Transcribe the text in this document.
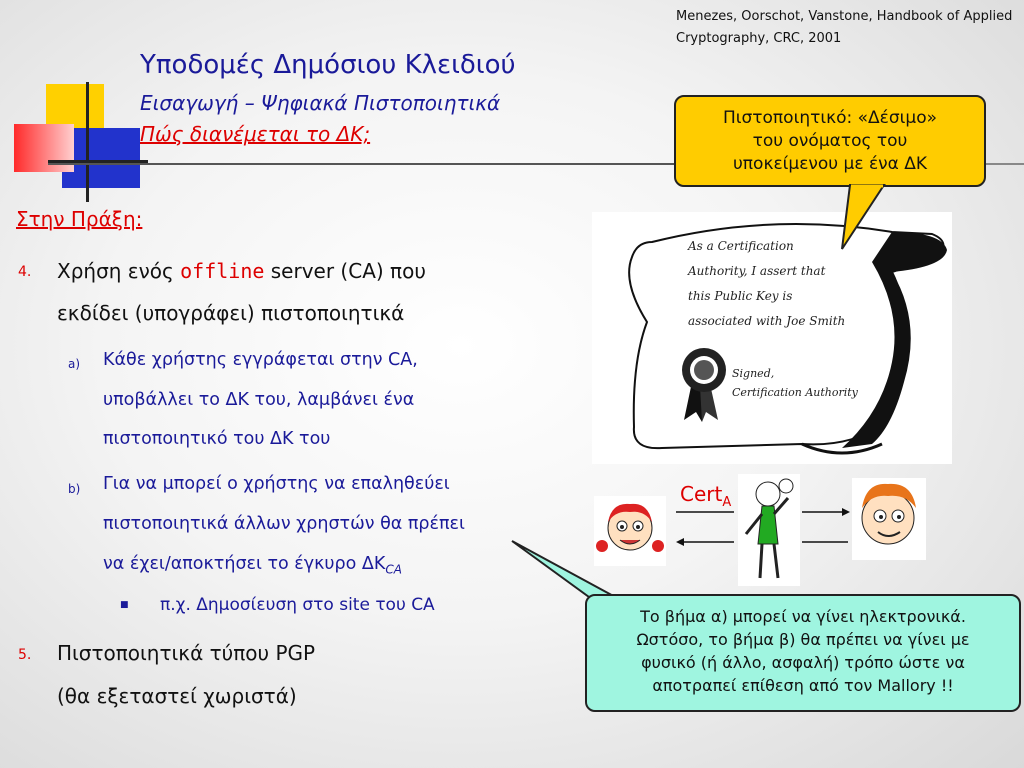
Menezes, Oorschot, Vanstone, Handbook of Applied Cryptography, CRC, 2001
Υποδομές Δημόσιου Κλειδιού
Εισαγωγή – Ψηφιακά Πιστοποιητικά
Πώς διανέμεται το ΔΚ;
Στην Πράξη:
4. Χρήση ενός offline server (CA) που
εκδίδει (υπογράφει) πιστοποιητικά
a) Κάθε χρήστης εγγράφεται στην CA,
υποβάλλει το ΔΚ του, λαμβάνει ένα
πιστοποιητικό του ΔΚ του
b) Για να μπορεί ο χρήστης να επαληθεύει
πιστοποιητικά άλλων χρηστών θα πρέπει
να έχει/αποκτήσει το έγκυρο $\Delta K_{CA}$
■ π.χ. Δημοσίευση στο site του CA
5. Πιστοποιητικά τύπου PGP
(θα εξεταστεί χωριστά)
As a Certification
Authority, I assert that
this Public Key is
associated with Joe Smith
Signed,
Certification Authority
Πιστοποιητικό: «Δέσιμο»
του ονόματος του
υποκείμενου με ένα ΔΚ
Cert$_A$
Το βήμα α) μπορεί να γίνει ηλεκτρονικά.
Ωστόσο, το βήμα β) θα πρέπει να γίνει με
φυσικό (ή άλλο, ασφαλή) τρόπο ώστε να
αποτραπεί επίθεση από τον Mallory !!
